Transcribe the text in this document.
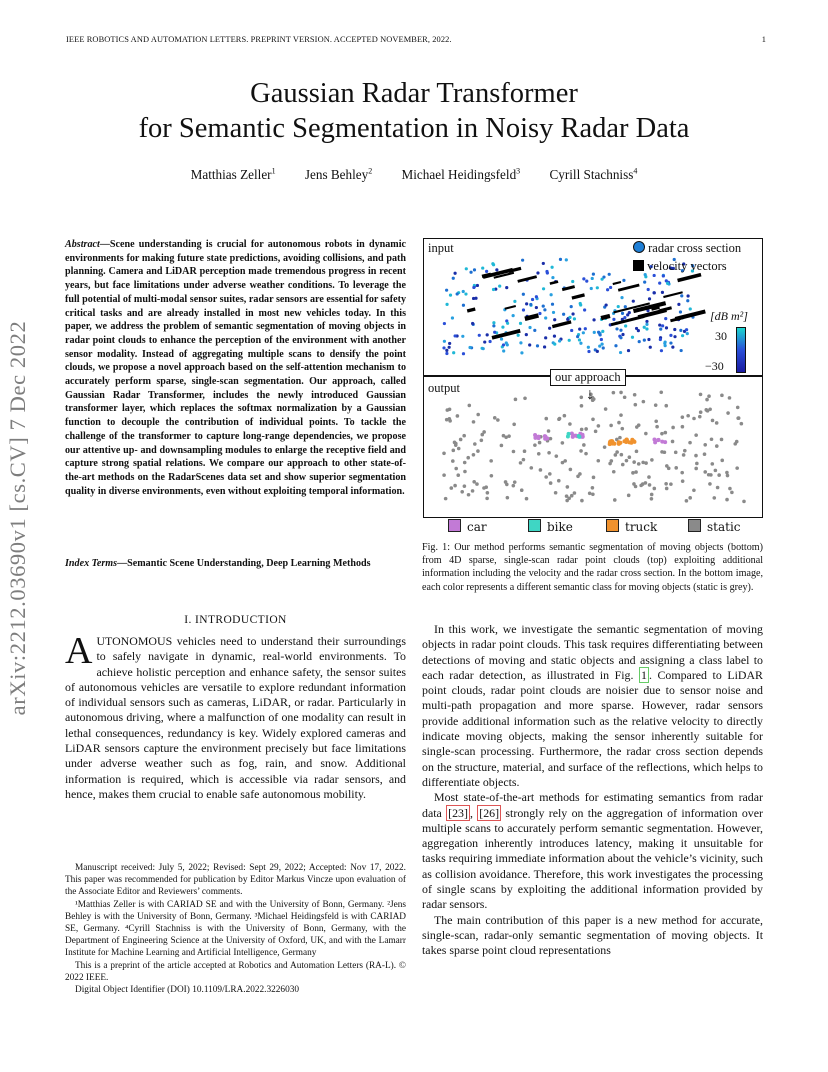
IEEE ROBOTICS AND AUTOMATION LETTERS. PREPRINT VERSION. ACCEPTED NOVEMBER, 2022.	1
Gaussian Radar Transformer
for Semantic Segmentation in Noisy Radar Data
Matthias Zeller$^1$ Jens Behley$^2$ Michael Heidingsfeld$^3$ Cyrill Stachniss$^4$
arXiv:2212.03690v1 [cs.CV] 7 Dec 2022
Abstract—Scene understanding is crucial for autonomous robots in dynamic environments for making future state predictions, avoiding collisions, and path planning. Camera and LiDAR perception made tremendous progress in recent years, but face limitations under adverse weather conditions. To leverage the full potential of multi-modal sensor suites, radar sensors are essential for safety critical tasks and are already installed in most new vehicles today. In this paper, we address the problem of semantic segmentation of moving objects in radar point clouds to enhance the perception of the environment with another sensor modality. Instead of aggregating multiple scans to densify the point clouds, we propose a novel approach based on the self-attention mechanism to accurately perform sparse, single-scan segmentation. Our approach, called Gaussian Radar Transformer, includes the newly introduced Gaussian transformer layer, which replaces the softmax normalization by a Gaussian function to decouple the contribution of individual points. To tackle the challenge of the transformer to capture long-range dependencies, we propose our attentive up- and downsampling modules to enlarge the receptive field and capture strong spatial relations. We compare our approach to other state-of-the-art methods on the RadarScenes data set and show superior segmentation quality in diverse environments, even without exploiting temporal information.
Index Terms—Semantic Scene Understanding, Deep Learning Methods
I. INTRODUCTION
AUTONOMOUS vehicles need to understand their surroundings to safely navigate in dynamic, real-world environments. To achieve holistic perception and enhance safety, the sensor suites of autonomous vehicles are versatile to explore redundant information of individual sensors such as cameras, LiDAR, or radar. Particularly in autonomous driving, where a malfunction of one modality can result in lethal consequences, redundancy is key. Widely explored cameras and LiDAR sensors capture the environment precisely but face limitations under adverse weather such as fog, rain, and snow. Additional information is required, which is accessible via radar sensors, and hence, makes them crucial to enable safe autonomous mobility.

Manuscript received: July 5, 2022; Revised: Sept 29, 2022; Accepted: Nov 17, 2022. This paper was recommended for publication by Editor Markus Vincze upon evaluation of the Associate Editor and Reviewers’ comments.

¹Matthias Zeller is with CARIAD SE and with the University of Bonn, Germany. ²Jens Behley is with the University of Bonn, Germany. ³Michael Heidingsfeld is with CARIAD SE, Germany. ⁴Cyrill Stachniss is with the University of Bonn, Germany, with the Department of Engineering Science at the University of Oxford, UK, and with the Lamarr Institute for Machine Learning and Artificial Intelligence, Germany

This is a preprint of the article accepted at Robotics and Automation Letters (RA-L). © 2022 IEEE.

Digital Object Identifier (DOI) 10.1109/LRA.2022.3226030

input	radar cross section
velocity vectors
[dB m²]
30
−30
output
our approach
↓
car	bike	truck	static
Fig. 1: Our method performs semantic segmentation of moving objects (bottom) from 4D sparse, single-scan radar point clouds (top) exploiting additional information including the velocity and the radar cross section. In the bottom image, each color represents a different semantic class for moving objects (static is grey).

In this work, we investigate the semantic segmentation of moving objects in radar point clouds. This task requires differentiating between detections of moving and static objects and assigning a class label to each radar detection, as illustrated in Fig. 1 . Compared to LiDAR point clouds, radar point clouds are noisier due to sensor noise and multi-path propagation and more sparse. However, radar sensors provide additional information such as the relative velocity to directly indicate moving objects, making the sensor inherently suitable for single-scan processing. Furthermore, the radar cross section depends on the structure, material, and surface of the reflections, which helps to differentiate objects.

Most state-of-the-art methods for estimating semantics from radar data [23] , [26] strongly rely on the aggregation of information over multiple scans to accurately perform semantic segmentation. However, aggregation inherently introduces latency, making it unsuitable for tasks requiring immediate information about the vehicle’s vicinity, such as collision avoidance. Therefore, this work investigates the processing of single scans by exploiting the additional information provided by radar sensors.

The main contribution of this paper is a new method for accurate, single-scan, radar-only semantic segmentation of moving objects. It takes sparse point cloud representations
